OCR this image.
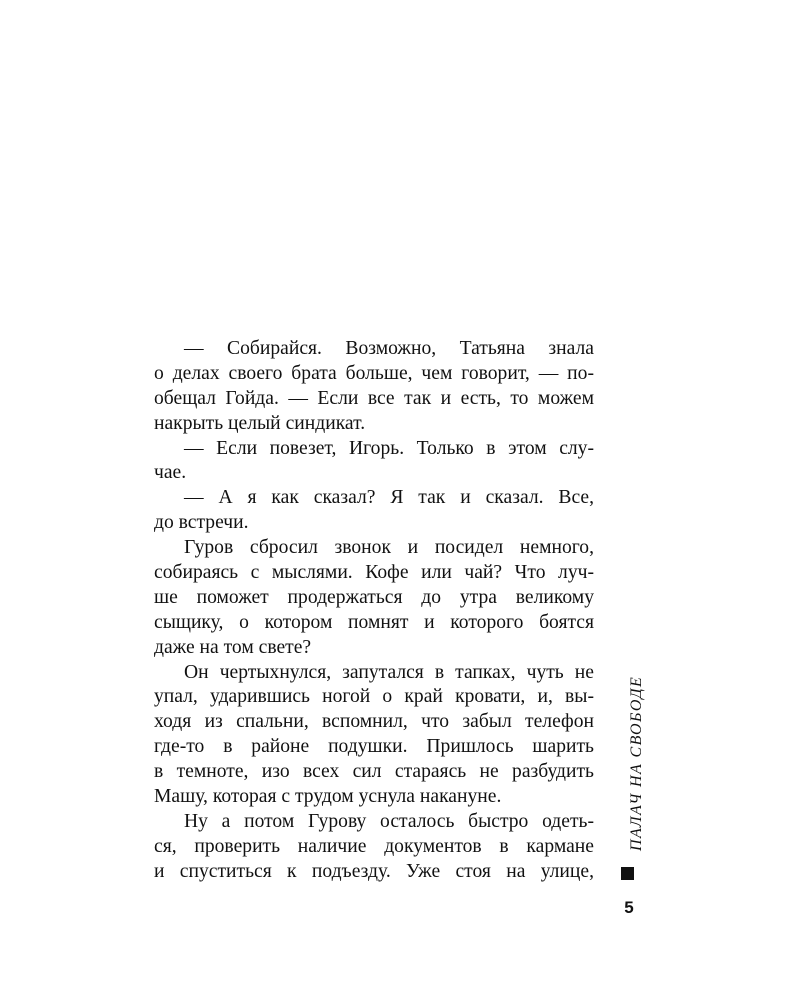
— Собирайся. Возможно, Татьяна знала
о делах своего брата больше, чем говорит, — по-
обещал Гойда. — Если все так и есть, то можем
накрыть целый синдикат.
— Если повезет, Игорь. Только в этом слу-
чае.
— А я как сказал? Я так и сказал. Все,
до встречи.
Гуров сбросил звонок и посидел немного,
собираясь с мыслями. Кофе или чай? Что луч-
ше поможет продержаться до утра великому
сыщику, о котором помнят и которого боятся
даже на том свете?
Он чертыхнулся, запутался в тапках, чуть не
упал, ударившись ногой о край кровати, и, вы-
ходя из спальни, вспомнил, что забыл телефон
где-то в районе подушки. Пришлось шарить
в темноте, изо всех сил стараясь не разбудить
Машу, которая с трудом уснула накануне.
Ну а потом Гурову осталось быстро одеть-
ся, проверить наличие документов в кармане
и спуститься к подъезду. Уже стоя на улице,
ПАЛАЧ НА СВОБОДЕ
5
